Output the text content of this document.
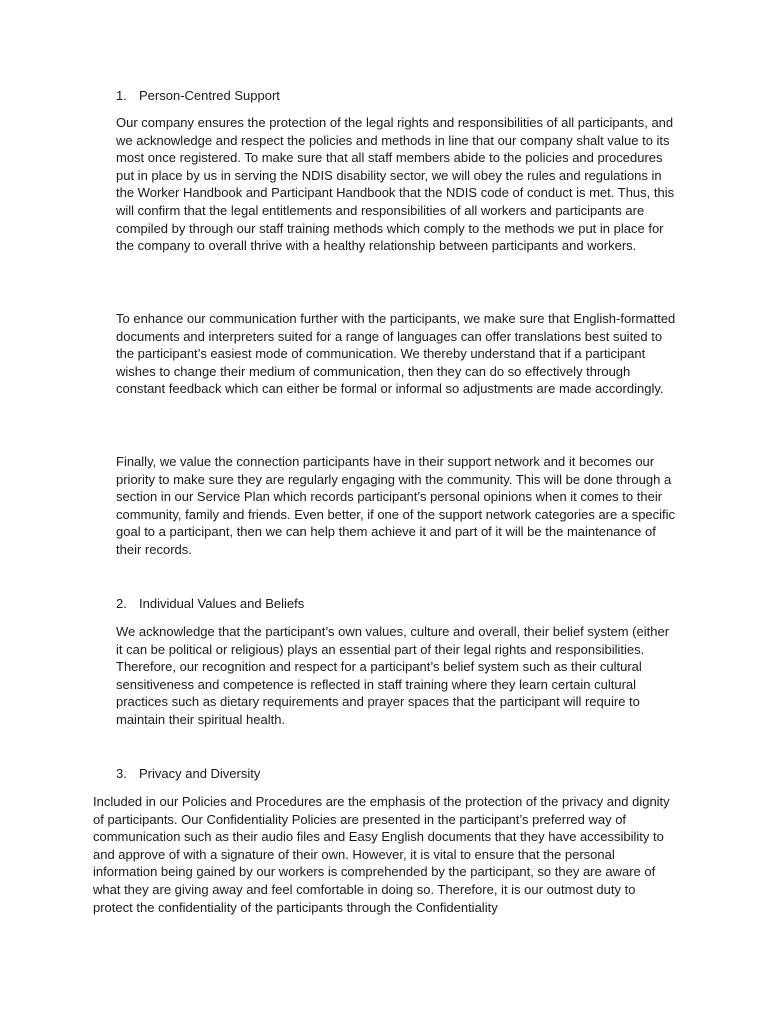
1. Person-Centred Support

Our company ensures the protection of the legal rights and responsibilities of all participants, and we acknowledge and respect the policies and methods in line that our company shalt value to its most once registered. To make sure that all staff members abide to the policies and procedures put in place by us in serving the NDIS disability sector, we will obey the rules and regulations in the Worker Handbook and Participant Handbook that the NDIS code of conduct is met. Thus, this will confirm that the legal entitlements and responsibilities of all workers and participants are compiled by through our staff training methods which comply to the methods we put in place for the company to overall thrive with a healthy relationship between participants and workers.

To enhance our communication further with the participants, we make sure that English-formatted documents and interpreters suited for a range of languages can offer translations best suited to the participant’s easiest mode of communication. We thereby understand that if a participant wishes to change their medium of communication, then they can do so effectively through constant feedback which can either be formal or informal so adjustments are made accordingly.

Finally, we value the connection participants have in their support network and it becomes our priority to make sure they are regularly engaging with the community. This will be done through a section in our Service Plan which records participant’s personal opinions when it comes to their community, family and friends. Even better, if one of the support network categories are a specific goal to a participant, then we can help them achieve it and part of it will be the maintenance of their records.

2. Individual Values and Beliefs

We acknowledge that the participant’s own values, culture and overall, their belief system (either it can be political or religious) plays an essential part of their legal rights and responsibilities. Therefore, our recognition and respect for a participant’s belief system such as their cultural sensitiveness and competence is reflected in staff training where they learn certain cultural practices such as dietary requirements and prayer spaces that the participant will require to maintain their spiritual health.

3. Privacy and Diversity

Included in our Policies and Procedures are the emphasis of the protection of the privacy and dignity of participants. Our Confidentiality Policies are presented in the participant’s preferred way of communication such as their audio files and Easy English documents that they have accessibility to and approve of with a signature of their own. However, it is vital to ensure that the personal information being gained by our workers is comprehended by the participant, so they are aware of what they are giving away and feel comfortable in doing so. Therefore, it is our outmost duty to protect the confidentiality of the participants through the Confidentiality
